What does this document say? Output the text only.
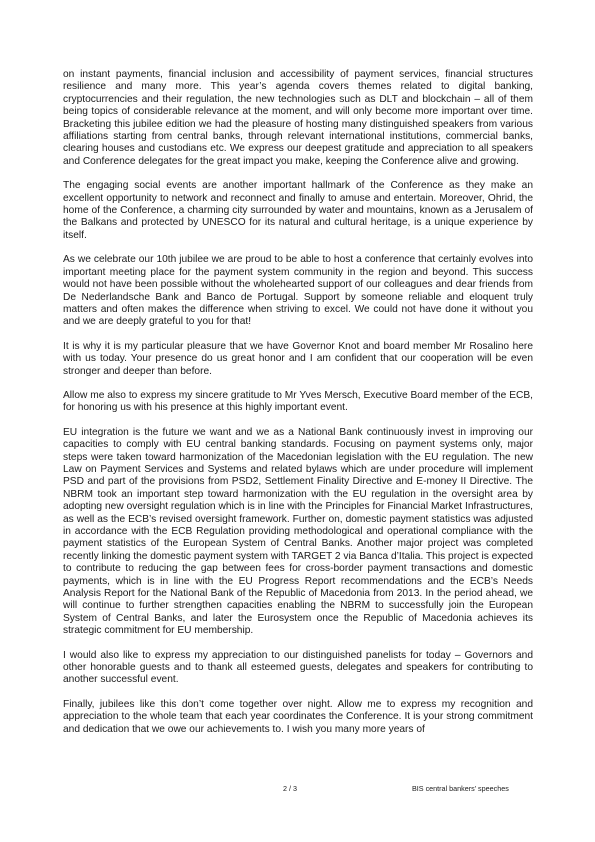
on instant payments, financial inclusion and accessibility of payment services, financial structures resilience and many more. This year’s agenda covers themes related to digital banking, cryptocurrencies and their regulation, the new technologies such as DLT and blockchain – all of them being topics of considerable relevance at the moment, and will only become more important over time. Bracketing this jubilee edition we had the pleasure of hosting many distinguished speakers from various affiliations starting from central banks, through relevant international institutions, commercial banks, clearing houses and custodians etc. We express our deepest gratitude and appreciation to all speakers and Conference delegates for the great impact you make, keeping the Conference alive and growing.

The engaging social events are another important hallmark of the Conference as they make an excellent opportunity to network and reconnect and finally to amuse and entertain. Moreover, Ohrid, the home of the Conference, a charming city surrounded by water and mountains, known as a Jerusalem of the Balkans and protected by UNESCO for its natural and cultural heritage, is a unique experience by itself.

As we celebrate our 10th jubilee we are proud to be able to host a conference that certainly evolves into important meeting place for the payment system community in the region and beyond. This success would not have been possible without the wholehearted support of our colleagues and dear friends from De Nederlandsche Bank and Banco de Portugal. Support by someone reliable and eloquent truly matters and often makes the difference when striving to excel. We could not have done it without you and we are deeply grateful to you for that!

It is why it is my particular pleasure that we have Governor Knot and board member Mr Rosalino here with us today. Your presence do us great honor and I am confident that our cooperation will be even stronger and deeper than before.

Allow me also to express my sincere gratitude to Mr Yves Mersch, Executive Board member of the ECB, for honoring us with his presence at this highly important event.

EU integration is the future we want and we as a National Bank continuously invest in improving our capacities to comply with EU central banking standards. Focusing on payment systems only, major steps were taken toward harmonization of the Macedonian legislation with the EU regulation. The new Law on Payment Services and Systems and related bylaws which are under procedure will implement PSD and part of the provisions from PSD2, Settlement Finality Directive and E-money II Directive. The NBRM took an important step toward harmonization with the EU regulation in the oversight area by adopting new oversight regulation which is in line with the Principles for Financial Market Infrastructures, as well as the ECB’s revised oversight framework. Further on, domestic payment statistics was adjusted in accordance with the ECB Regulation providing methodological and operational compliance with the payment statistics of the European System of Central Banks. Another major project was completed recently linking the domestic payment system with TARGET 2 via Banca d’Italia. This project is expected to contribute to reducing the gap between fees for cross-border payment transactions and domestic payments, which is in line with the EU Progress Report recommendations and the ECB’s Needs Analysis Report for the National Bank of the Republic of Macedonia from 2013. In the period ahead, we will continue to further strengthen capacities enabling the NBRM to successfully join the European System of Central Banks, and later the Eurosystem once the Republic of Macedonia achieves its strategic commitment for EU membership.

I would also like to express my appreciation to our distinguished panelists for today – Governors and other honorable guests and to thank all esteemed guests, delegates and speakers for contributing to another successful event.

Finally, jubilees like this don’t come together over night. Allow me to express my recognition and appreciation to the whole team that each year coordinates the Conference. It is your strong commitment and dedication that we owe our achievements to. I wish you many more years of

2 / 3	BIS central bankers’ speeches
